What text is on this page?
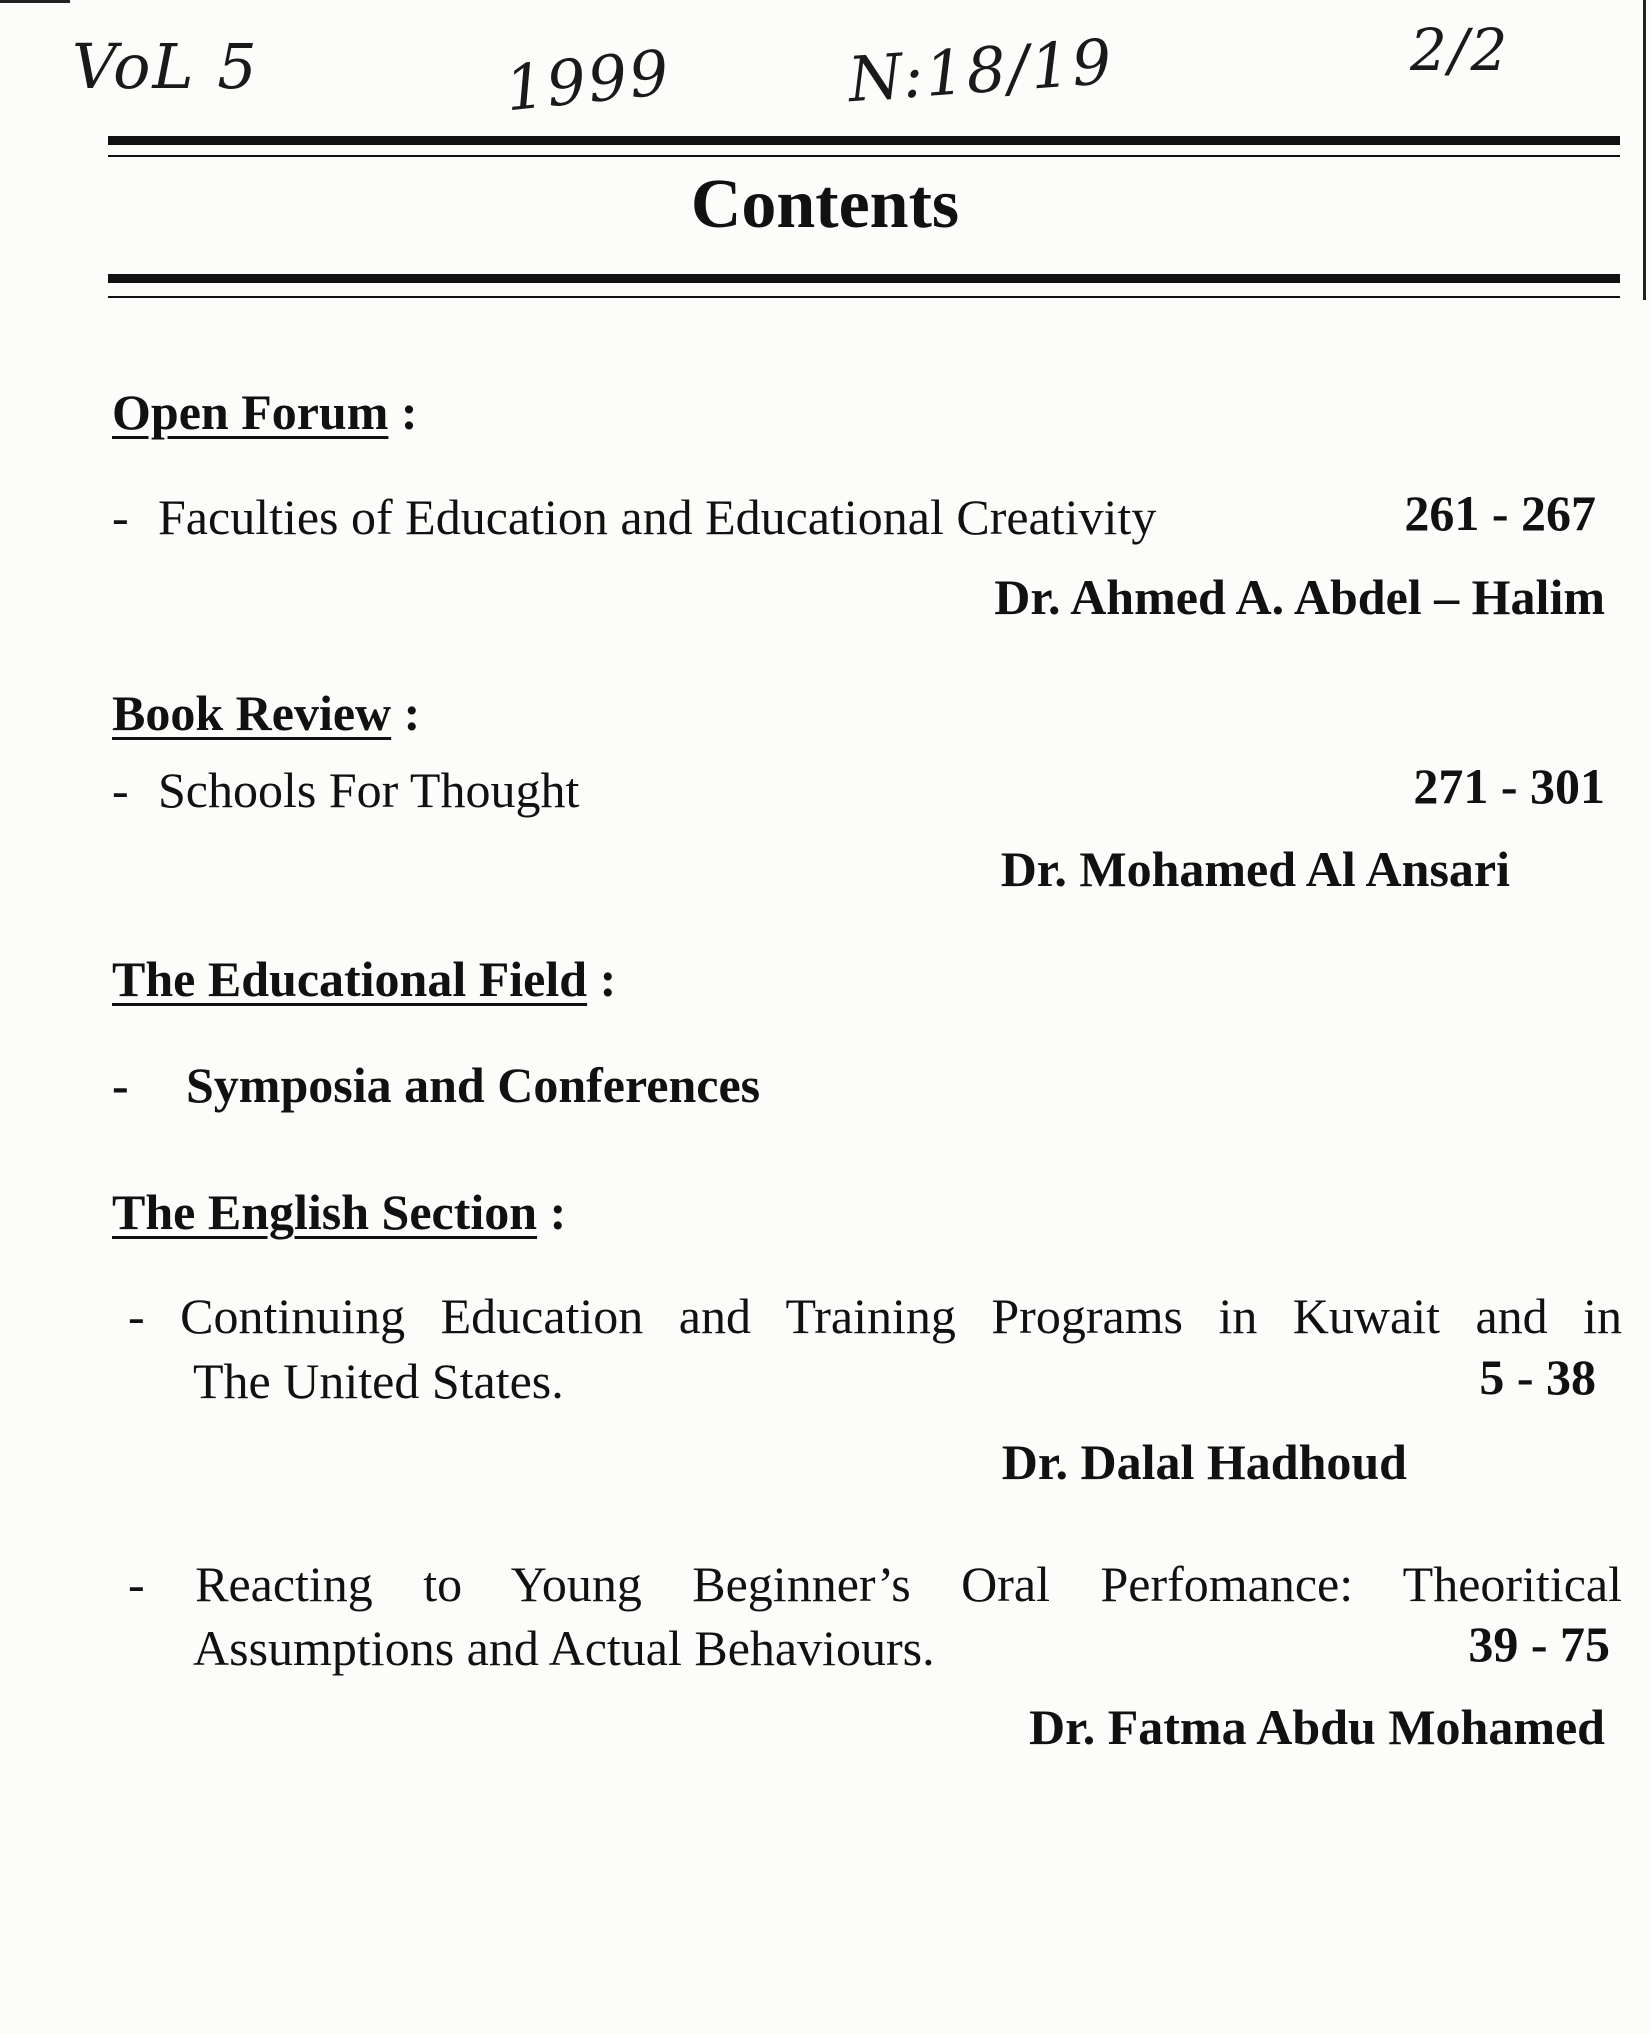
VoL 5	1999	N:18/19	2/2
Contents
Open Forum :
- Faculties of Education and Educational Creativity	261 - 267
Dr. Ahmed A. Abdel – Halim
Book Review :
- Schools For Thought	271 - 301
Dr. Mohamed Al Ansari
The Educational Field :
- Symposia and Conferences
The English Section :
- Continuing Education and Training Programs in Kuwait and in
The United States.	5 - 38
Dr. Dalal Hadhoud
- Reacting to Young Beginner’s Oral Perfomance: Theoritical
Assumptions and Actual Behaviours.	39 - 75
Dr. Fatma Abdu Mohamed
